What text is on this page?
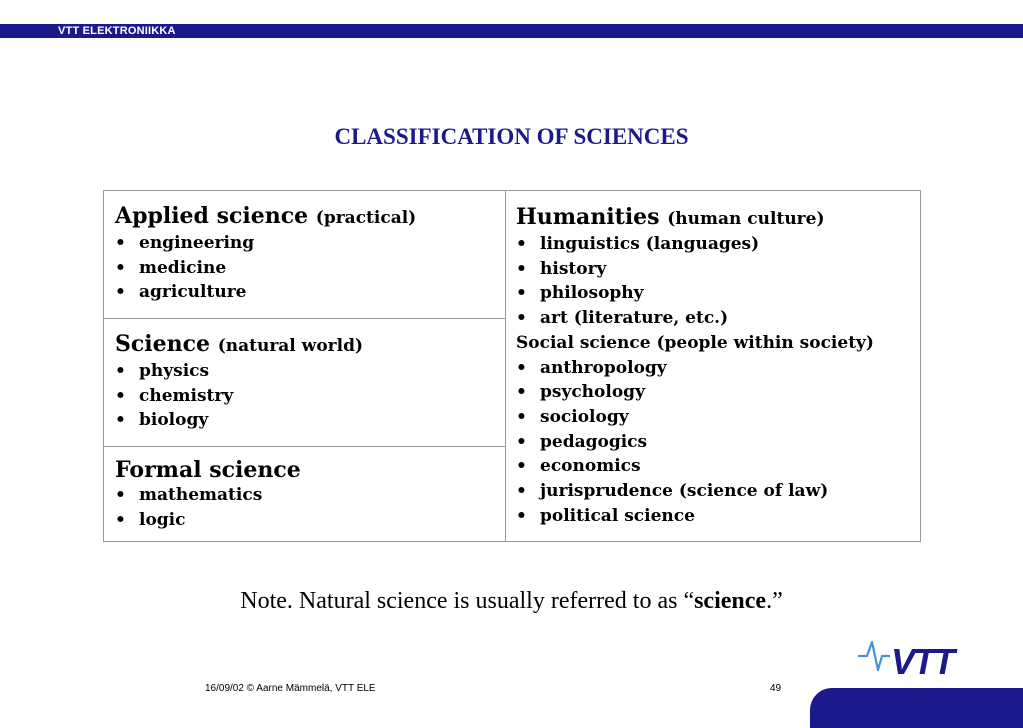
VTT ELEKTRONIIKKA
CLASSIFICATION OF SCIENCES
Applied science (practical)
• engineering
• medicine
• agriculture
Science (natural world)
• physics
• chemistry
• biology
Formal science
• mathematics
• logic
Humanities (human culture)
• linguistics (languages)
• history
• philosophy
• art (literature, etc.)
Social science (people within society)
• anthropology
• psychology
• sociology
• pedagogics
• economics
• jurisprudence (science of law)
• political science
Note. Natural science is usually referred to as “science.”
16/09/02 © Aarne Mämmelä, VTT ELE	49
VTT
